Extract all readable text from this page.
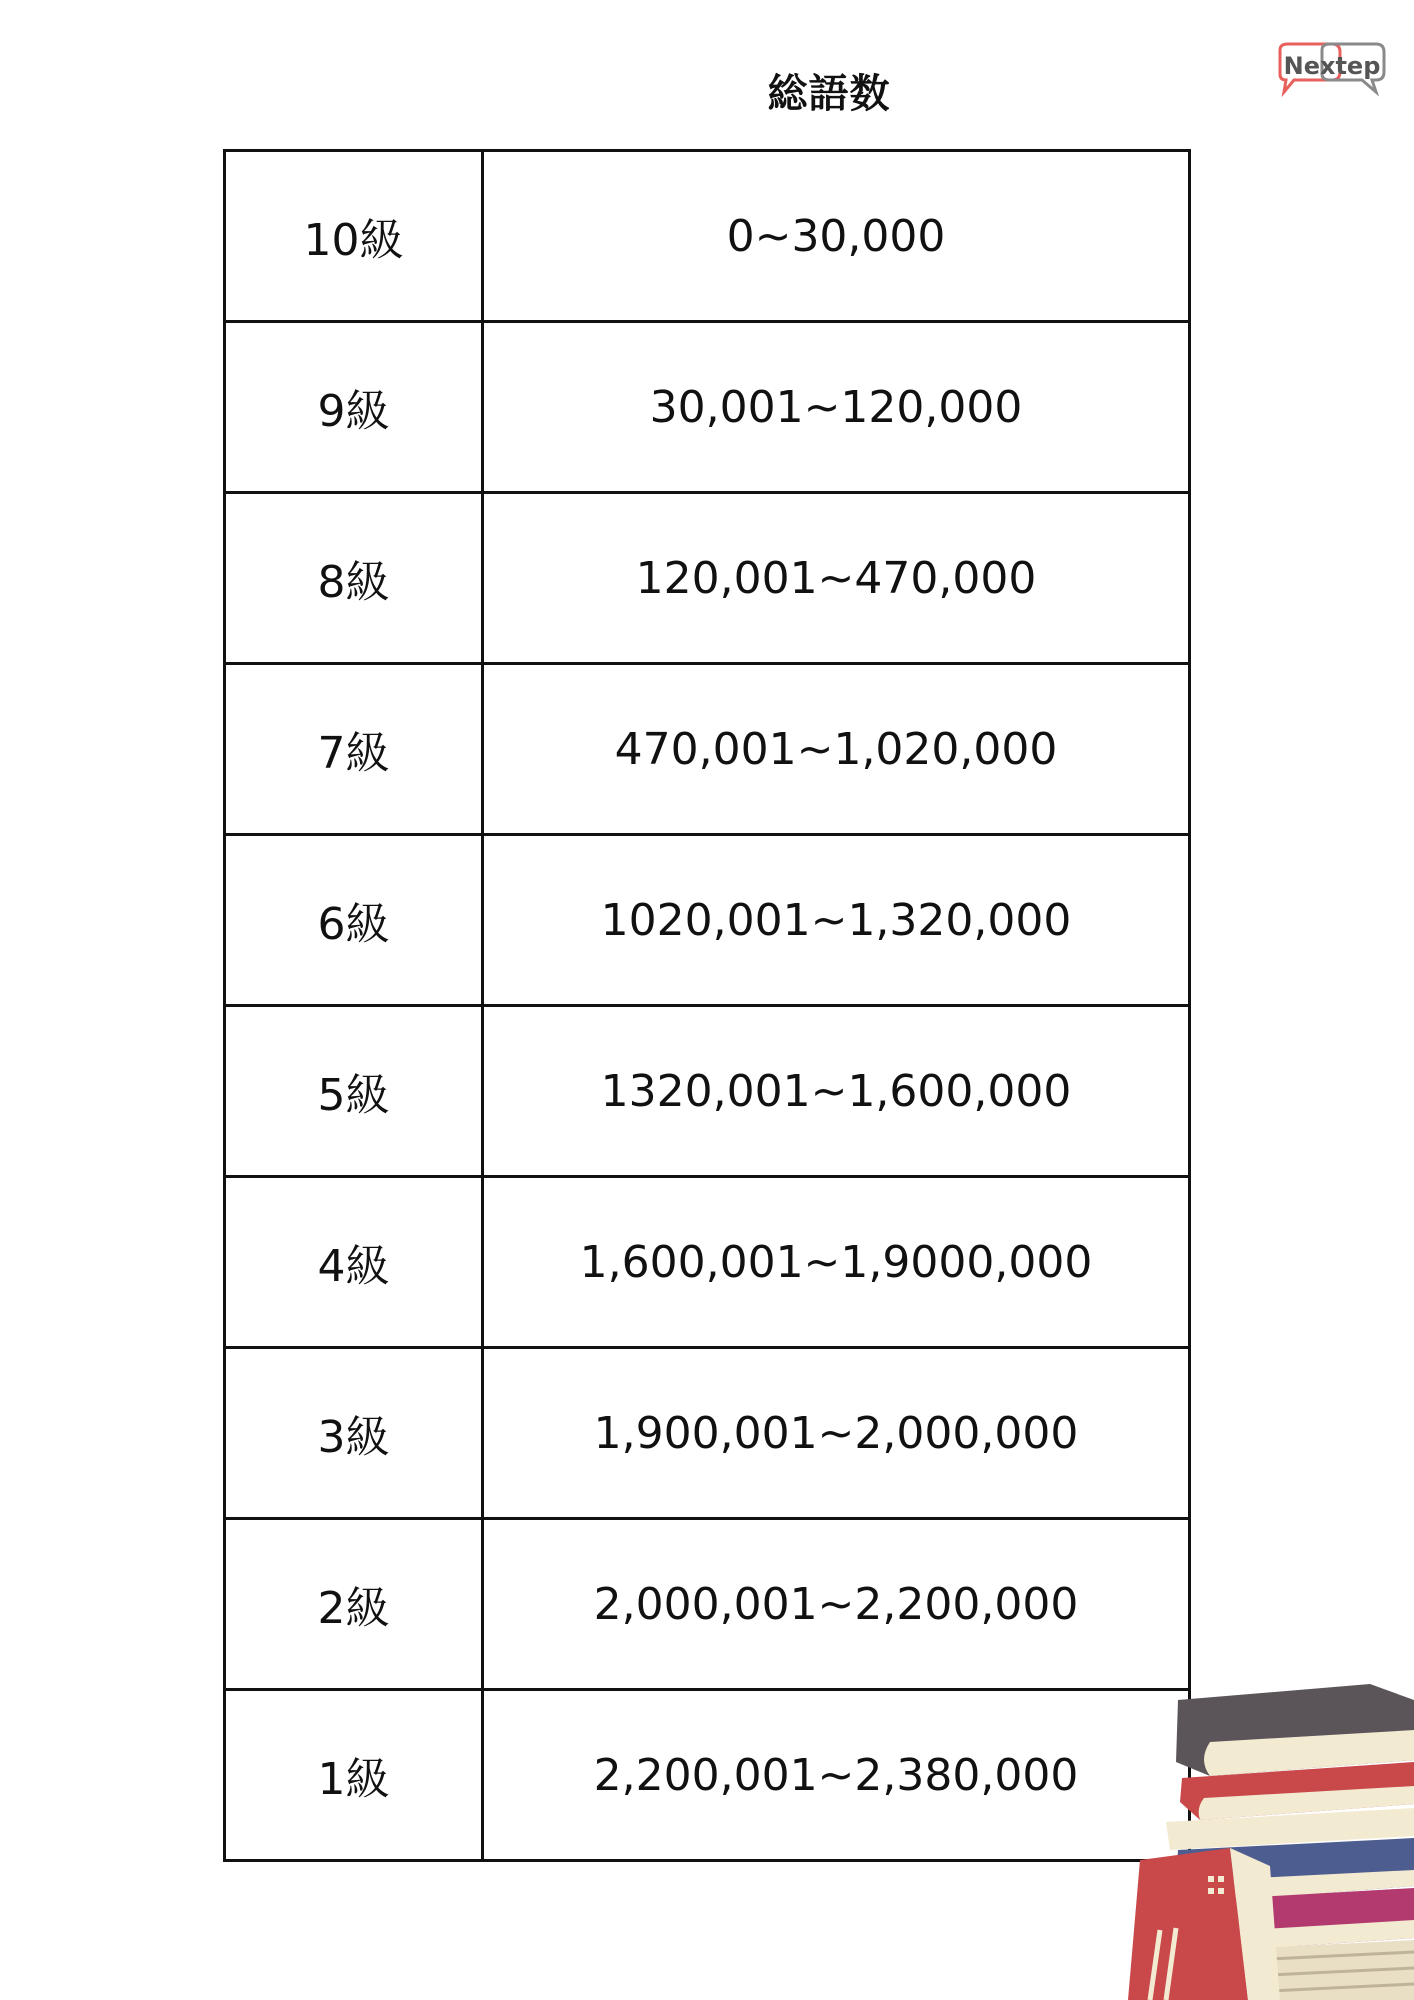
総語数
Nextep
10級	0~30,000
9級	30,001~120,000
8級	120,001~470,000
7級	470,001~1,020,000
6級	1020,001~1,320,000
5級	1320,001~1,600,000
4級	1,600,001~1,9000,000
3級	1,900,001~2,000,000
2級	2,000,001~2,200,000
1級	2,200,001~2,380,000
